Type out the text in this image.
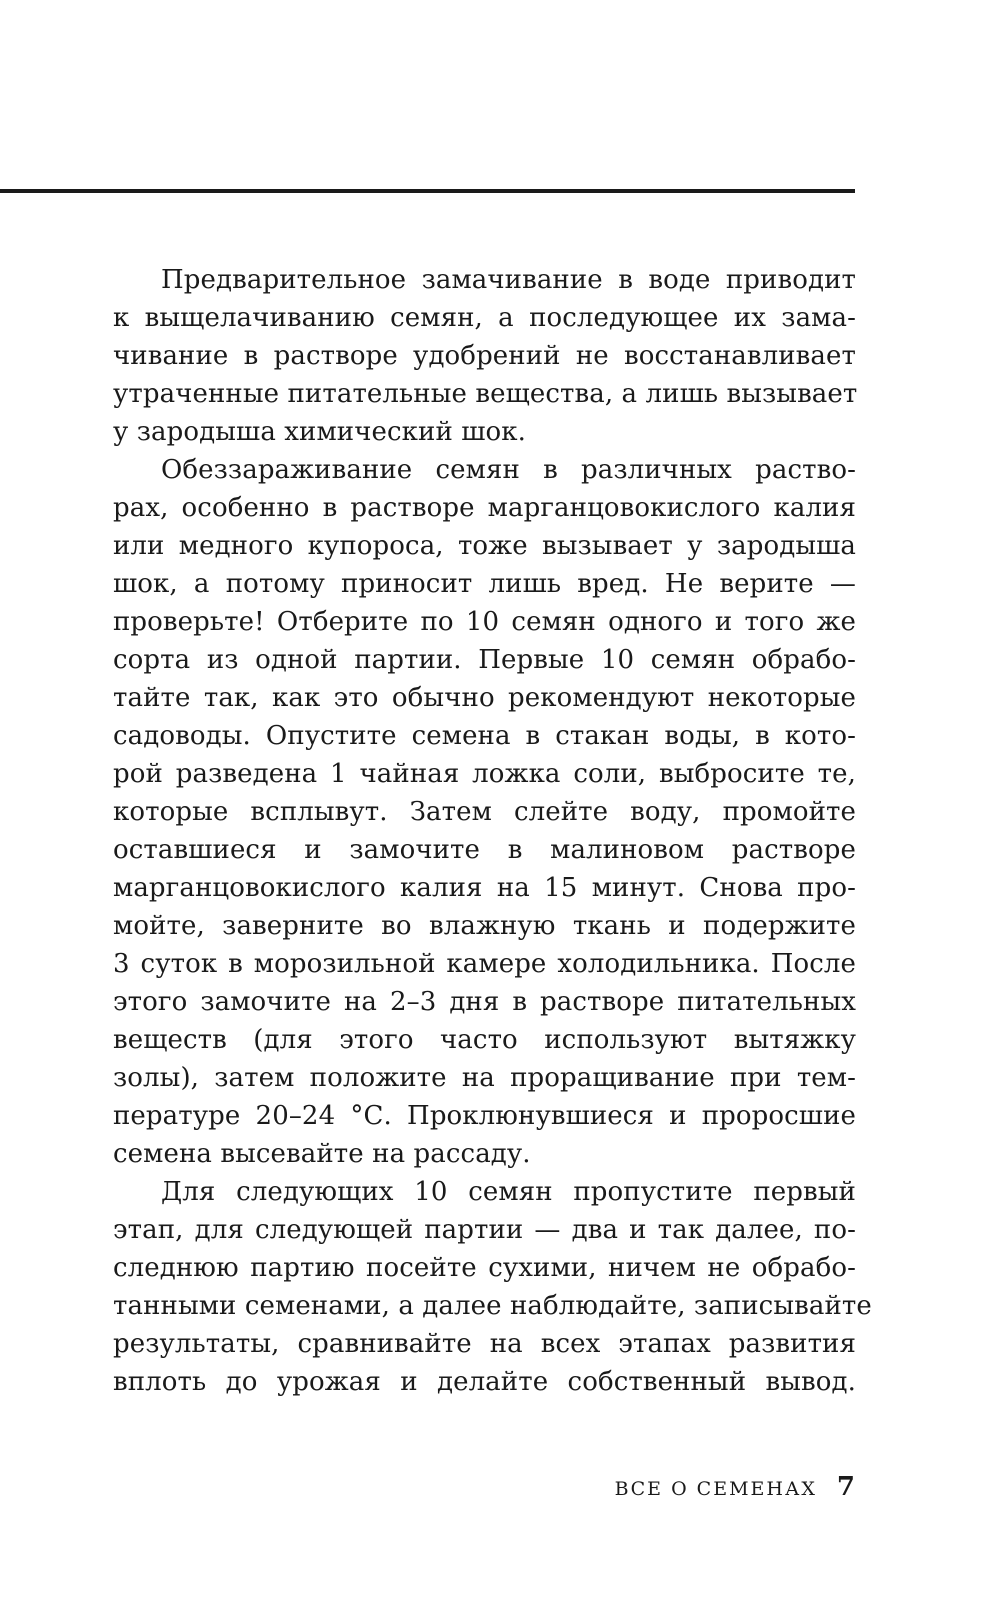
Предварительное замачивание в воде приводит
к выщелачиванию семян, а последующее их зама-
чивание в растворе удобрений не восстанавливает
утраченные питательные вещества, а лишь вызывает
у зародыша химический шок.
Обеззараживание семян в различных раство-
рах, особенно в растворе марганцовокислого калия
или медного купороса, тоже вызывает у зародыша
шок, а потому приносит лишь вред. Не верите —
проверьте! Отберите по 10 семян одного и того же
сорта из одной партии. Первые 10 семян обрабо-
тайте так, как это обычно рекомендуют некоторые
садоводы. Опустите семена в стакан воды, в кото-
рой разведена 1 чайная ложка соли, выбросите те,
которые всплывут. Затем слейте воду, промойте
оставшиеся и замочите в малиновом растворе
марганцовокислого калия на 15 минут. Снова про-
мойте, заверните во влажную ткань и подержите
3 суток в морозильной камере холодильника. После
этого замочите на 2–3 дня в растворе питательных
веществ (для этого часто используют вытяжку
золы), затем положите на проращивание при тем-
пературе 20–24 °С. Проклюнувшиеся и проросшие
семена высевайте на рассаду.
Для следующих 10 семян пропустите первый
этап, для следующей партии — два и так далее, по-
следнюю партию посейте сухими, ничем не обрабо-
танными семенами, а далее наблюдайте, записывайте
результаты, сравнивайте на всех этапах развития
вплоть до урожая и делайте собственный вывод.
ВСЕ О СЕМЕНАХ 7
